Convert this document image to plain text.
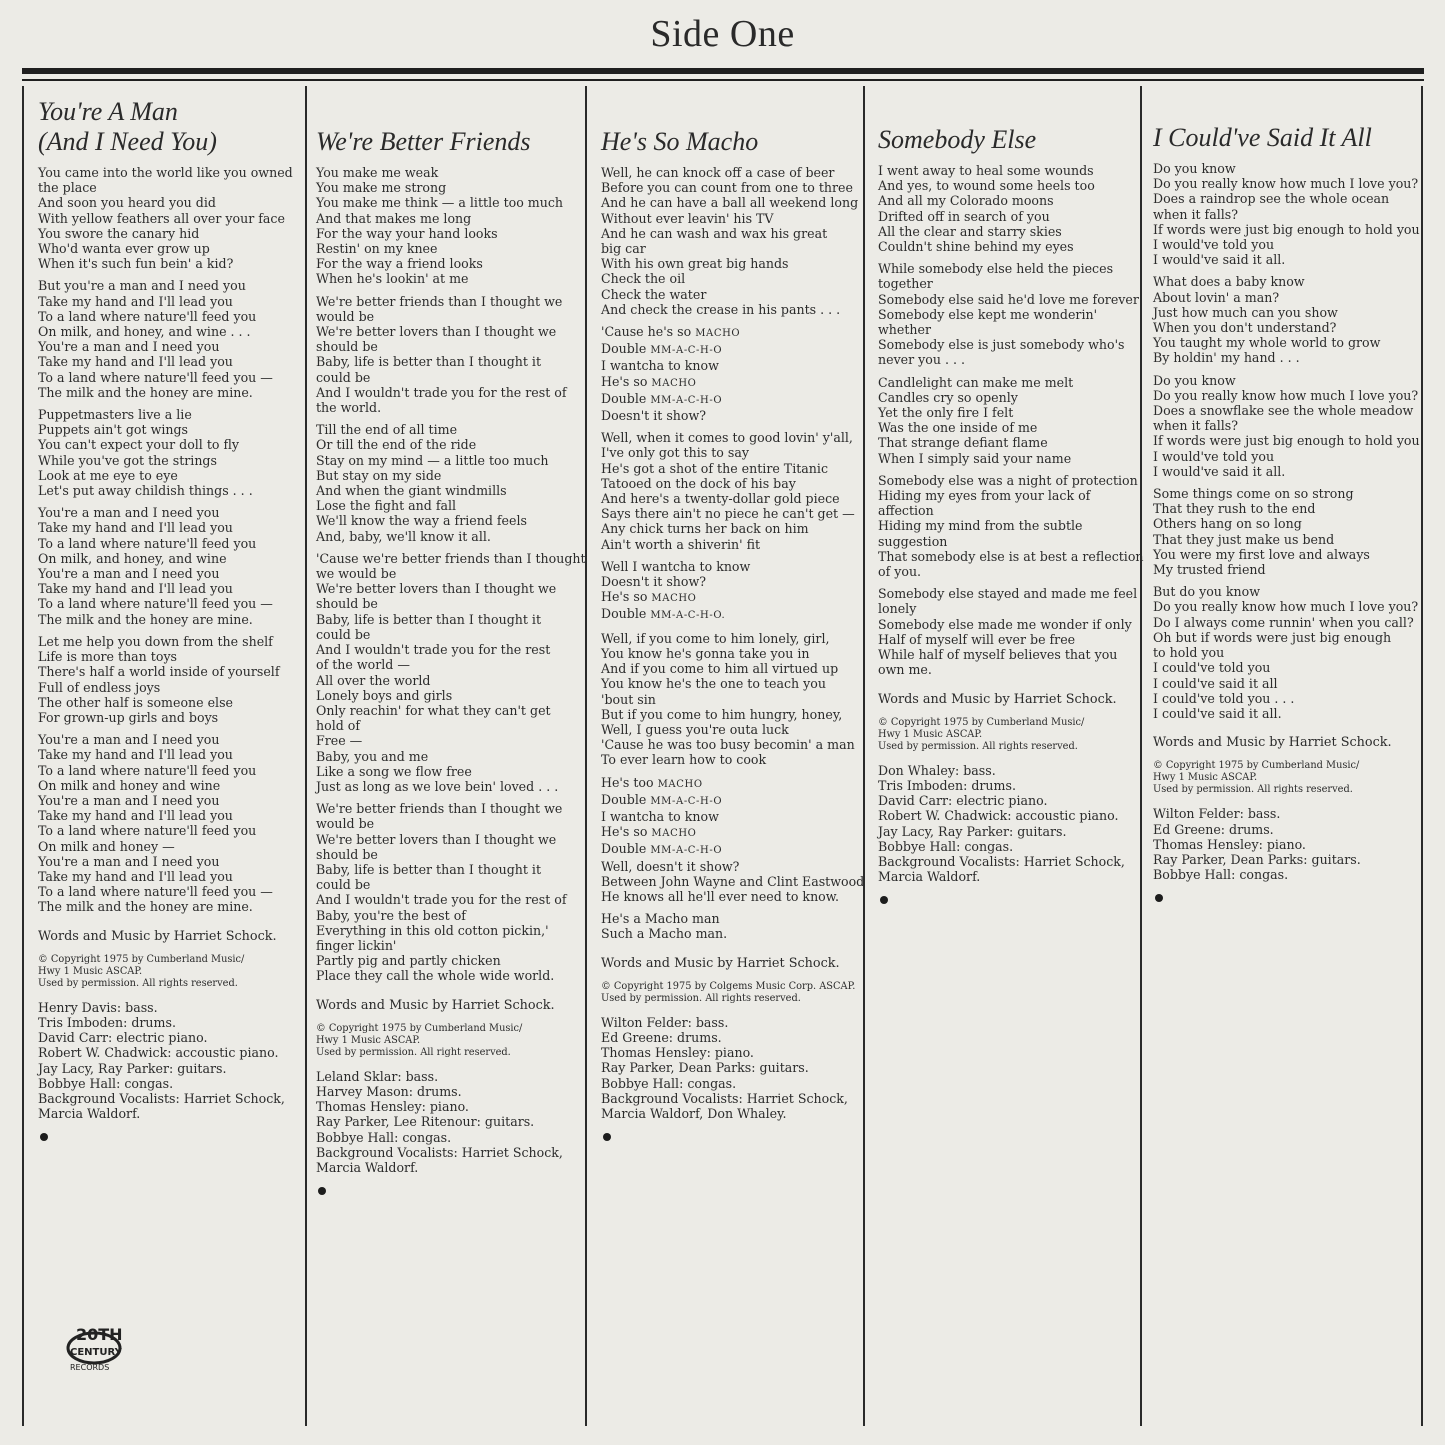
Side One
You're A Man
(And I Need You)
You came into the world like you owned
the place
And soon you heard you did
With yellow feathers all over your face
You swore the canary hid
Who'd wanta ever grow up
When it's such fun bein' a kid?
But you're a man and I need you
Take my hand and I'll lead you
To a land where nature'll feed you
On milk, and honey, and wine . . .
You're a man and I need you
Take my hand and I'll lead you
To a land where nature'll feed you —
The milk and the honey are mine.
Puppetmasters live a lie
Puppets ain't got wings
You can't expect your doll to fly
While you've got the strings
Look at me eye to eye
Let's put away childish things . . .
You're a man and I need you
Take my hand and I'll lead you
To a land where nature'll feed you
On milk, and honey, and wine
You're a man and I need you
Take my hand and I'll lead you
To a land where nature'll feed you —
The milk and the honey are mine.
Let me help you down from the shelf
Life is more than toys
There's half a world inside of yourself
Full of endless joys
The other half is someone else
For grown-up girls and boys
You're a man and I need you
Take my hand and I'll lead you
To a land where nature'll feed you
On milk and honey and wine
You're a man and I need you
Take my hand and I'll lead you
To a land where nature'll feed you
On milk and honey —
You're a man and I need you
Take my hand and I'll lead you
To a land where nature'll feed you —
The milk and the honey are mine.
Words and Music by Harriet Schock.
© Copyright 1975 by Cumberland Music/
Hwy 1 Music ASCAP.
Used by permission. All rights reserved.
Henry Davis: bass.
Tris Imboden: drums.
David Carr: electric piano.
Robert W. Chadwick: accoustic piano.
Jay Lacy, Ray Parker: guitars.
Bobbye Hall: congas.
Background Vocalists: Harriet Schock,
Marcia Waldorf.
We're Better Friends
You make me weak
You make me strong
You make me think — a little too much
And that makes me long
For the way your hand looks
Restin' on my knee
For the way a friend looks
When he's lookin' at me
We're better friends than I thought we
would be
We're better lovers than I thought we
should be
Baby, life is better than I thought it
could be
And I wouldn't trade you for the rest of
the world.
Till the end of all time
Or till the end of the ride
Stay on my mind — a little too much
But stay on my side
And when the giant windmills
Lose the fight and fall
We'll know the way a friend feels
And, baby, we'll know it all.
'Cause we're better friends than I thought
we would be
We're better lovers than I thought we
should be
Baby, life is better than I thought it
could be
And I wouldn't trade you for the rest
of the world —
All over the world
Lonely boys and girls
Only reachin' for what they can't get
hold of
Free —
Baby, you and me
Like a song we flow free
Just as long as we love bein' loved . . .
We're better friends than I thought we
would be
We're better lovers than I thought we
should be
Baby, life is better than I thought it
could be
And I wouldn't trade you for the rest of
Baby, you're the best of
Everything in this old cotton pickin,'
finger lickin'
Partly pig and partly chicken
Place they call the whole wide world.
Words and Music by Harriet Schock.
© Copyright 1975 by Cumberland Music/
Hwy 1 Music ASCAP.
Used by permission. All right reserved.
Leland Sklar: bass.
Harvey Mason: drums.
Thomas Hensley: piano.
Ray Parker, Lee Ritenour: guitars.
Bobbye Hall: congas.
Background Vocalists: Harriet Schock,
Marcia Waldorf.
He's So Macho
Well, he can knock off a case of beer
Before you can count from one to three
And he can have a ball all weekend long
Without ever leavin' his TV
And he can wash and wax his great
big car
With his own great big hands
Check the oil
Check the water
And check the crease in his pants . . .
'Cause he's so MACHO
Double MM-A-C-H-O
I wantcha to know
He's so MACHO
Double MM-A-C-H-O
Doesn't it show?
Well, when it comes to good lovin' y'all,
I've only got this to say
He's got a shot of the entire Titanic
Tatooed on the dock of his bay
And here's a twenty-dollar gold piece
Says there ain't no piece he can't get —
Any chick turns her back on him
Ain't worth a shiverin' fit
Well I wantcha to know
Doesn't it show?
He's so MACHO
Double MM-A-C-H-O.
Well, if you come to him lonely, girl,
You know he's gonna take you in
And if you come to him all virtued up
You know he's the one to teach you
'bout sin
But if you come to him hungry, honey,
Well, I guess you're outa luck
'Cause he was too busy becomin' a man
To ever learn how to cook
He's too MACHO
Double MM-A-C-H-O
I wantcha to know
He's so MACHO
Double MM-A-C-H-O
Well, doesn't it show?
Between John Wayne and Clint Eastwood
He knows all he'll ever need to know.
He's a Macho man
Such a Macho man.
Words and Music by Harriet Schock.
© Copyright 1975 by Colgems Music Corp. ASCAP.
Used by permission. All rights reserved.
Wilton Felder: bass.
Ed Greene: drums.
Thomas Hensley: piano.
Ray Parker, Dean Parks: guitars.
Bobbye Hall: congas.
Background Vocalists: Harriet Schock,
Marcia Waldorf, Don Whaley.
Somebody Else
I went away to heal some wounds
And yes, to wound some heels too
And all my Colorado moons
Drifted off in search of you
All the clear and starry skies
Couldn't shine behind my eyes
While somebody else held the pieces
together
Somebody else said he'd love me forever
Somebody else kept me wonderin'
whether
Somebody else is just somebody who's
never you . . .
Candlelight can make me melt
Candles cry so openly
Yet the only fire I felt
Was the one inside of me
That strange defiant flame
When I simply said your name
Somebody else was a night of protection
Hiding my eyes from your lack of
affection
Hiding my mind from the subtle
suggestion
That somebody else is at best a reflection
of you.
Somebody else stayed and made me feel
lonely
Somebody else made me wonder if only
Half of myself will ever be free
While half of myself believes that you
own me.
Words and Music by Harriet Schock.
© Copyright 1975 by Cumberland Music/
Hwy 1 Music ASCAP.
Used by permission. All rights reserved.
Don Whaley: bass.
Tris Imboden: drums.
David Carr: electric piano.
Robert W. Chadwick: accoustic piano.
Jay Lacy, Ray Parker: guitars.
Bobbye Hall: congas.
Background Vocalists: Harriet Schock,
Marcia Waldorf.
I Could've Said It All
Do you know
Do you really know how much I love you?
Does a raindrop see the whole ocean
when it falls?
If words were just big enough to hold you
I would've told you
I would've said it all.
What does a baby know
About lovin' a man?
Just how much can you show
When you don't understand?
You taught my whole world to grow
By holdin' my hand . . .
Do you know
Do you really know how much I love you?
Does a snowflake see the whole meadow
when it falls?
If words were just big enough to hold you
I would've told you
I would've said it all.
Some things come on so strong
That they rush to the end
Others hang on so long
That they just make us bend
You were my first love and always
My trusted friend
But do you know
Do you really know how much I love you?
Do I always come runnin' when you call?
Oh but if words were just big enough
to hold you
I could've told you
I could've said it all
I could've told you . . .
I could've said it all.
Words and Music by Harriet Schock.
© Copyright 1975 by Cumberland Music/
Hwy 1 Music ASCAP.
Used by permission. All rights reserved.
Wilton Felder: bass.
Ed Greene: drums.
Thomas Hensley: piano.
Ray Parker, Dean Parks: guitars.
Bobbye Hall: congas.
20TH
CENTURY
RECORDS
